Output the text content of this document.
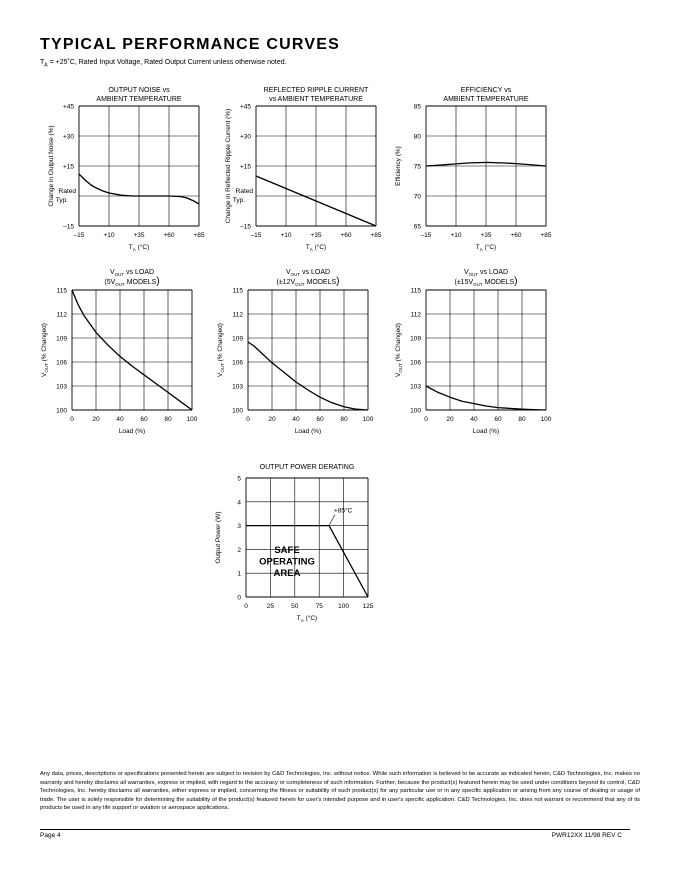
TYPICAL PERFORMANCE CURVES
$T_A$ = +25˚C, Rated Input Voltage, Rated Output Current unless otherwise noted.
OUTPUT NOISE vs
AMBIENT TEMPERATURE
–15	+10	+35	+60	+85
–15
Rated
Typ.
+15
+30
+45
Change in Output Noise (%)
$T_A$ (°C)
REFLECTED RIPPLE CURRENT
vs AMBIENT TEMPERATURE
–15	+10	+35	+60	+85
–15
Rated
Typ.
+15
+30
+45
Change in Reflected Ripple Current (%)
$T_A$ (°C)
EFFICIENCY vs
AMBIENT TEMPERATURE
–15	+10	+35	+60	+85
65
70
75
80
85
Efficiency (%)
$T_A$ (°C)
$V_{OUT}$ vs LOAD
($5V_{OUT}$ MODELS)
0	20	40	60	80 100
100
103
106
109
112
115
$V_{OUT}$ (% Changed)
Load (%)
$V_{OUT}$ vs LOAD
($\pm 12V_{OUT}$ MODELS)
0	20	40	60	80 100
100
103
106
109
112
115
$V_{OUT}$ (% Changed)
Load (%)
$V_{OUT}$ vs LOAD
($\pm 15V_{OUT}$ MODELS)
0	20	40	60	80 100
100
103
106
109
112
115
$V_{OUT}$ (% Changed)
Load (%)
OUTPUT POWER DERATING
0	25	50	75 100 125
0
1
2
3
4
5
Output Power (W)
$T_A$ (°C)
+85°C
SAFE
OPERATING
AREA
Any data, prices, descriptions or specifications presented herein are subject to revision by C&D Technologies, Inc. without notice. While such information is believed to be accurate as indicated herein, C&D Technologies, Inc. makes no warranty and hereby disclaims all warranties, express or implied, with regard to the accuracy or completeness of such information. Further, because the product(s) featured herein may be used under conditions beyond its control, C&D Technologies, Inc. hereby disclaims all warranties, either express or implied, concerning the fitness or suitability of such product(s) for any particular use or in any specific application or arising from any course of dealing or usage of trade. The user is solely responsible for determining the suitability of the product(s) featured herein for user's intended purpose and in user's specific application. C&D Technologies, Inc. does not warrant or recommend that any of its products be used in any life support or aviation or aerospace applications.
Page 4	PWR12XX 11/98 REV C
